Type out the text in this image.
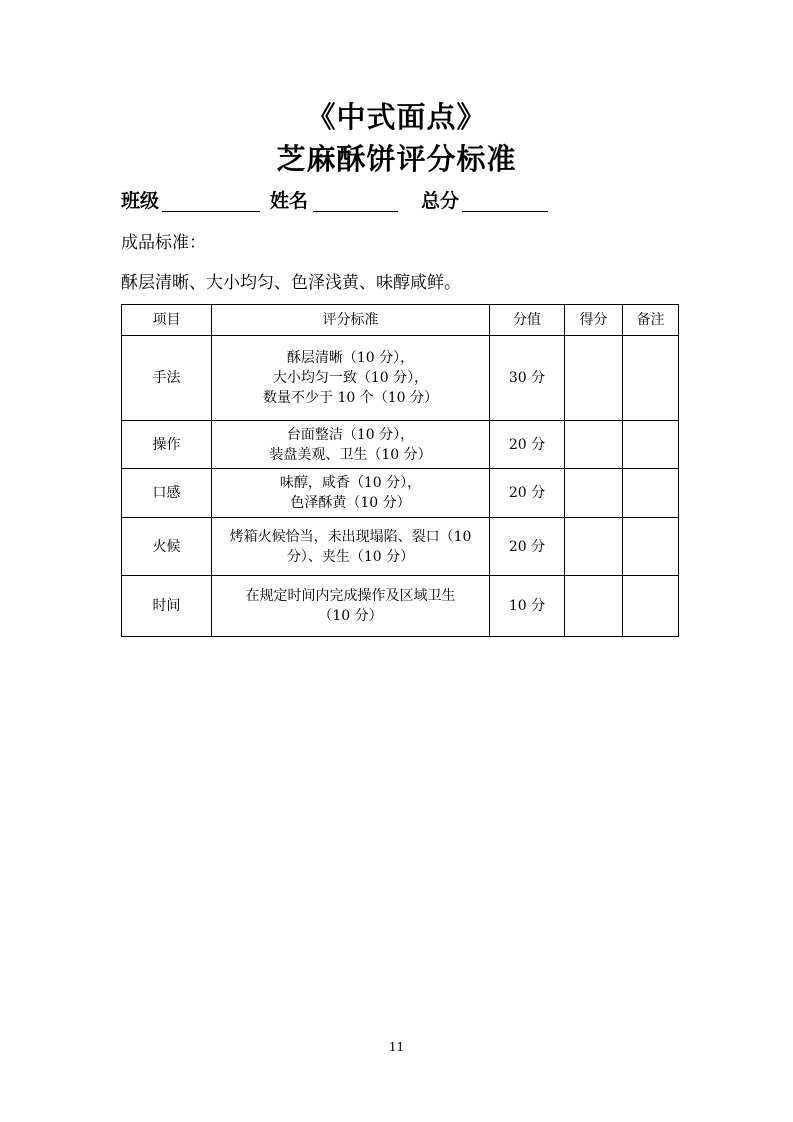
《中式面点》
芝麻酥饼评分标准
班级	姓名	总分
成品标准：
酥层清晰、大小均匀、色泽浅黄、味醇咸鲜。
项目	评分标准	分值	得分	备注
手法	酥层清晰（10 分），
大小均匀一致（10 分），
数量不少于 10 个（10 分）	30 分		
操作	台面整洁（10 分），
装盘美观、卫生（10 分）	20 分		
口感	味醇，咸香（10 分），
色泽酥黄（10 分）	20 分		
火候	烤箱火候恰当，未出现塌陷、裂口（10
分）、夹生（10 分）	20 分		
时间	在规定时间内完成操作及区域卫生
（10 分）	10 分		
11
